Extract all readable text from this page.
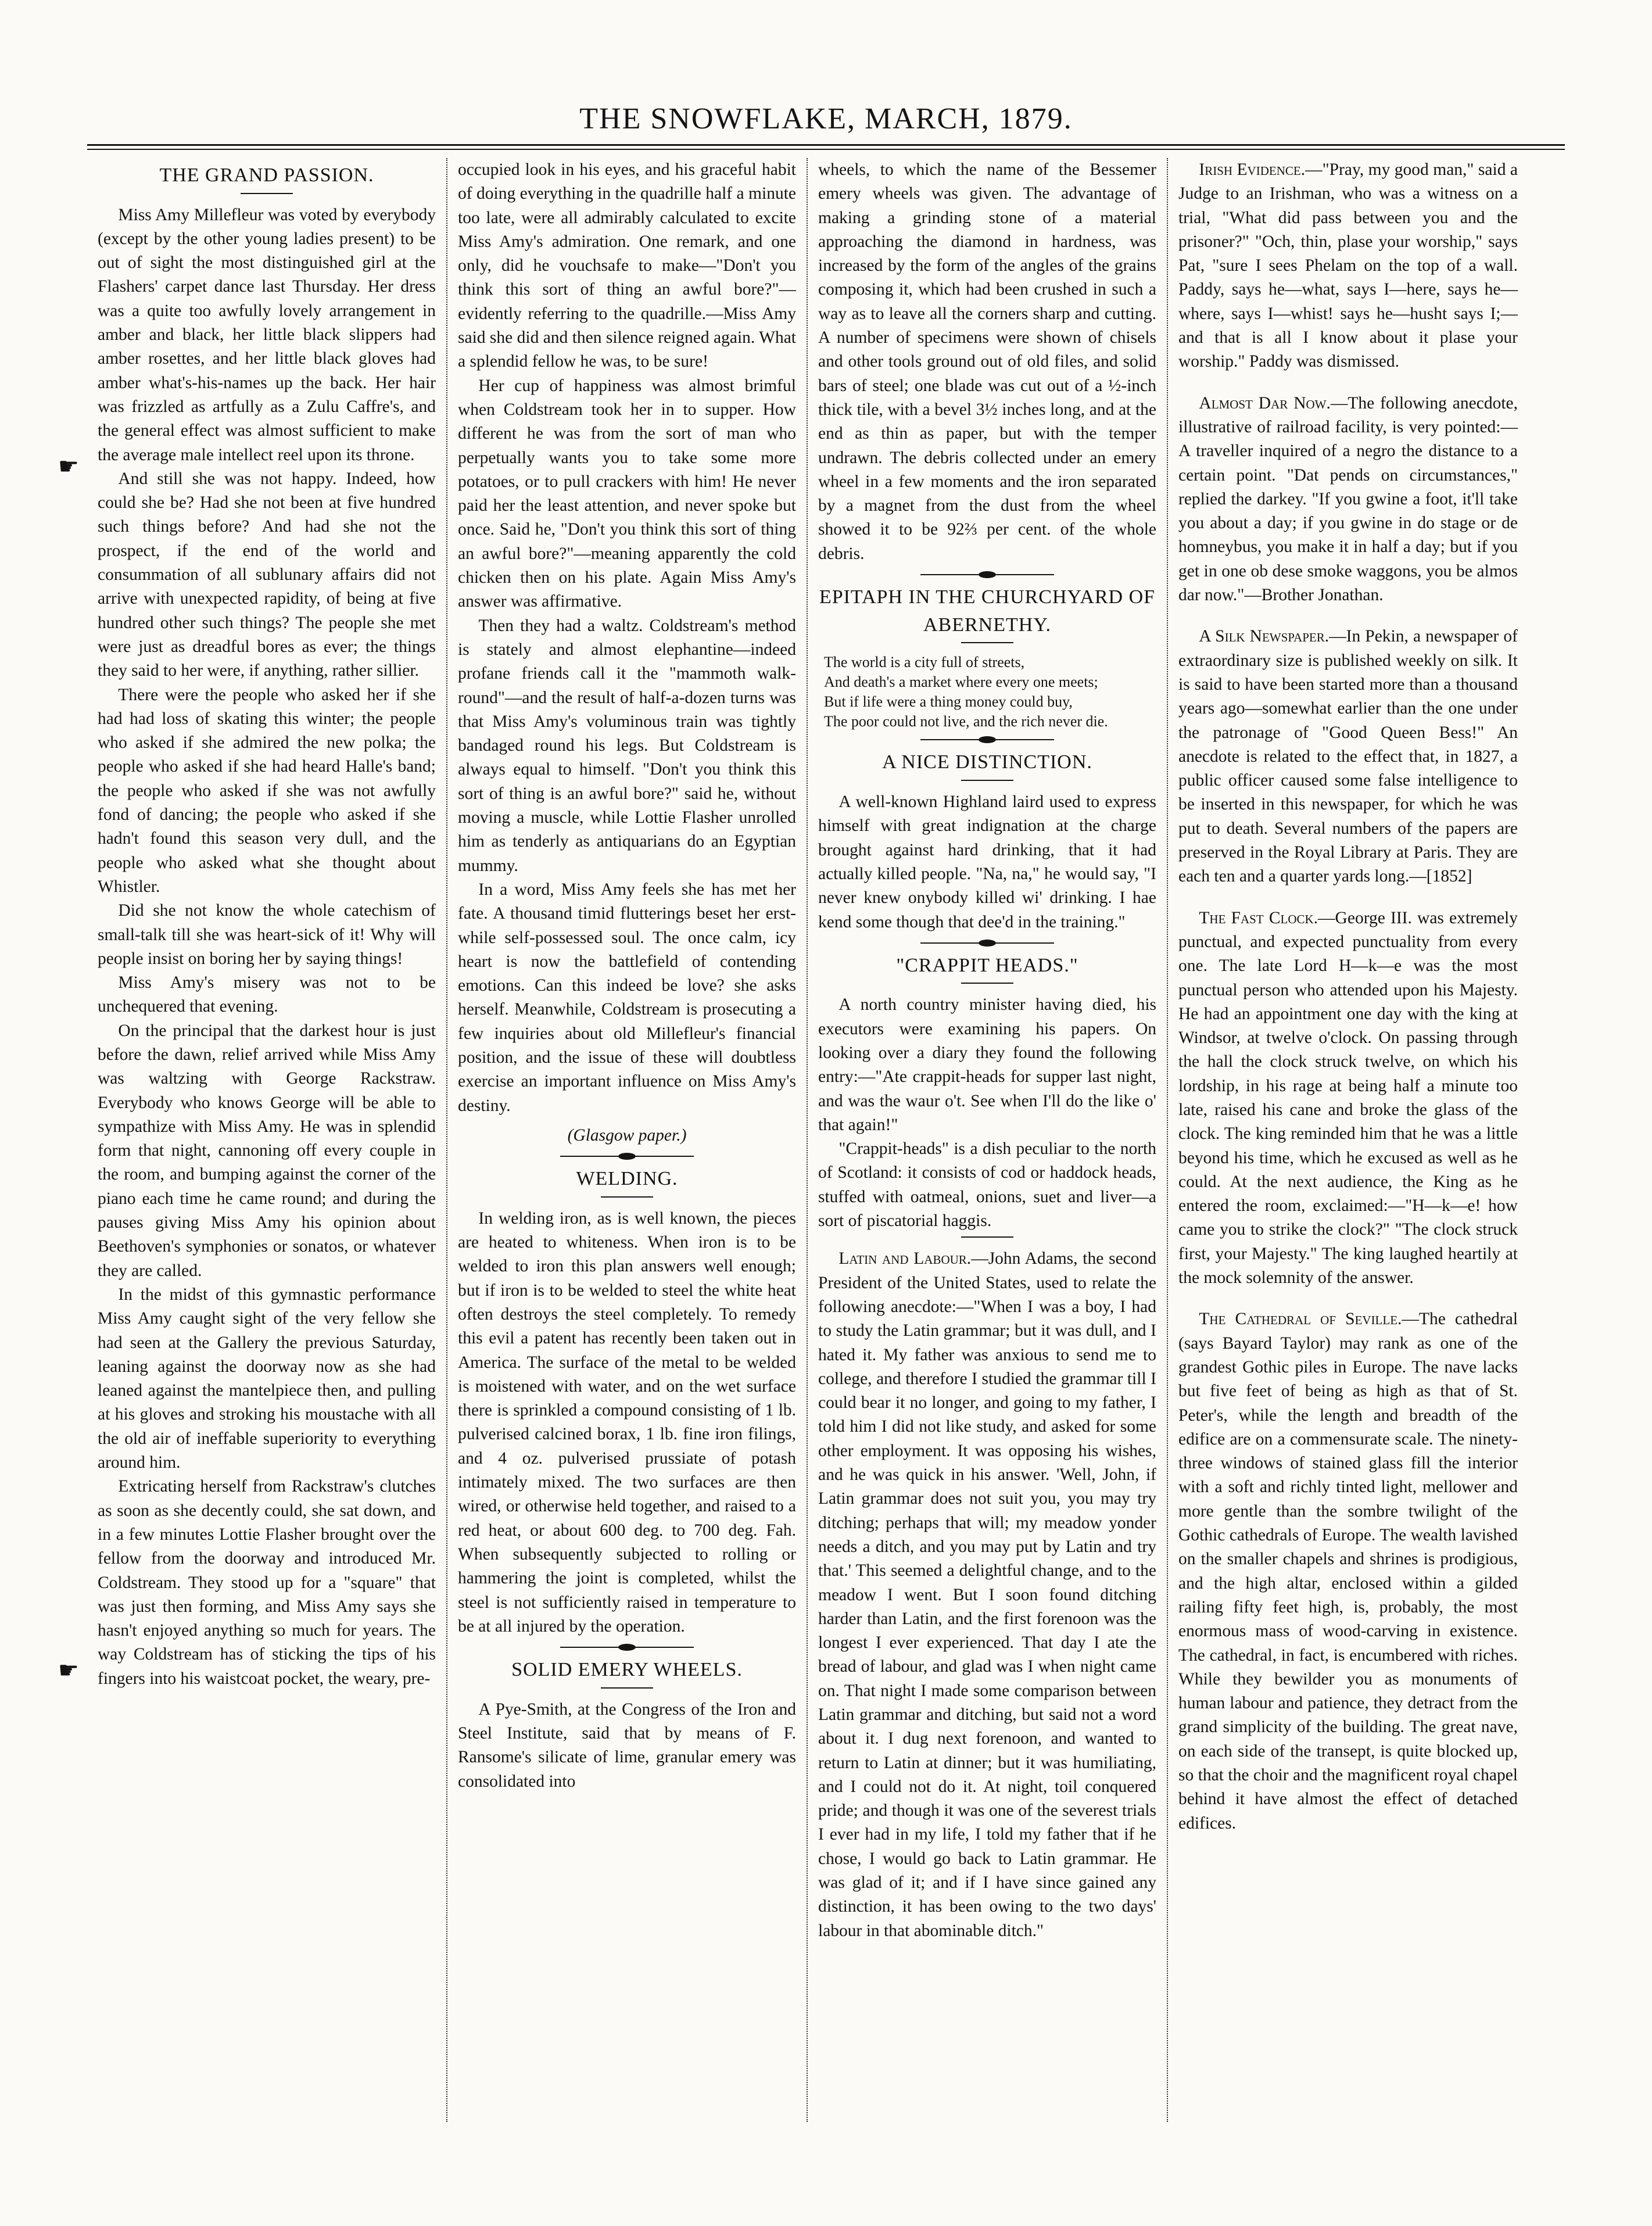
THE SNOWFLAKE, MARCH, 1879.
☛
☛
THE GRAND PASSION.

Miss Amy Millefleur was voted by everybody (except by the other young ladies present) to be out of sight the most distinguished girl at the Flashers' carpet dance last Thursday. Her dress was a quite too awfully lovely arrangement in amber and black, her little black slippers had amber rosettes, and her little black gloves had amber what's-his-names up the back. Her hair was frizzled as artfully as a Zulu Caffre's, and the general effect was almost sufficient to make the average male intellect reel upon its throne.

And still she was not happy. Indeed, how could she be? Had she not been at five hundred such things before? And had she not the prospect, if the end of the world and consummation of all sublunary affairs did not arrive with unexpected rapidity, of being at five hundred other such things? The people she met were just as dreadful bores as ever; the things they said to her were, if anything, rather sillier.

There were the people who asked her if she had had loss of skating this winter; the people who asked if she admired the new polka; the people who asked if she had heard Halle's band; the people who asked if she was not awfully fond of dancing; the people who asked if she hadn't found this season very dull, and the people who asked what she thought about Whistler.

Did she not know the whole catechism of small-talk till she was heart-sick of it! Why will people insist on boring her by saying things!

Miss Amy's misery was not to be unchequered that evening.

On the principal that the darkest hour is just before the dawn, relief arrived while Miss Amy was waltzing with George Rackstraw. Everybody who knows George will be able to sympathize with Miss Amy. He was in splendid form that night, cannoning off every couple in the room, and bumping against the corner of the piano each time he came round; and during the pauses giving Miss Amy his opinion about Beethoven's symphonies or sonatos, or whatever they are called.

In the midst of this gymnastic performance Miss Amy caught sight of the very fellow she had seen at the Gallery the previous Saturday, leaning against the doorway now as she had leaned against the mantelpiece then, and pulling at his gloves and stroking his moustache with all the old air of ineffable superiority to everything around him.

Extricating herself from Rackstraw's clutches as soon as she decently could, she sat down, and in a few minutes Lottie Flasher brought over the fellow from the doorway and introduced Mr. Coldstream. They stood up for a "square" that was just then forming, and Miss Amy says she hasn't enjoyed anything so much for years. The way Coldstream has of sticking the tips of his fingers into his waistcoat pocket, the weary, pre-

occupied look in his eyes, and his graceful habit of doing everything in the quadrille half a minute too late, were all admirably calculated to excite Miss Amy's admiration. One remark, and one only, did he vouchsafe to make—"Don't you think this sort of thing an awful bore?"—evidently referring to the quadrille.—Miss Amy said she did and then silence reigned again. What a splendid fellow he was, to be sure!

Her cup of happiness was almost brimful when Coldstream took her in to supper. How different he was from the sort of man who perpetually wants you to take some more potatoes, or to pull crackers with him! He never paid her the least attention, and never spoke but once. Said he, "Don't you think this sort of thing an awful bore?"—meaning apparently the cold chicken then on his plate. Again Miss Amy's answer was affirmative.

Then they had a waltz. Coldstream's method is stately and almost elephantine—indeed profane friends call it the "mammoth walk-round"—and the result of half-a-dozen turns was that Miss Amy's voluminous train was tightly bandaged round his legs. But Coldstream is always equal to himself. "Don't you think this sort of thing is an awful bore?" said he, without moving a muscle, while Lottie Flasher unrolled him as tenderly as antiquarians do an Egyptian mummy.

In a word, Miss Amy feels she has met her fate. A thousand timid flutterings beset her erst-while self-possessed soul. The once calm, icy heart is now the battlefield of contending emotions. Can this indeed be love? she asks herself. Meanwhile, Coldstream is prosecuting a few inquiries about old Millefleur's financial position, and the issue of these will doubtless exercise an important influence on Miss Amy's destiny.

(Glasgow paper.)
WELDING.

In welding iron, as is well known, the pieces are heated to whiteness. When iron is to be welded to iron this plan answers well enough; but if iron is to be welded to steel the white heat often destroys the steel completely. To remedy this evil a patent has recently been taken out in America. The surface of the metal to be welded is moistened with water, and on the wet surface there is sprinkled a compound consisting of 1 lb. pulverised calcined borax, 1 lb. fine iron filings, and 4 oz. pulverised prussiate of potash intimately mixed. The two surfaces are then wired, or otherwise held together, and raised to a red heat, or about 600 deg. to 700 deg. Fah. When subsequently subjected to rolling or hammering the joint is completed, whilst the steel is not sufficiently raised in temperature to be at all injured by the operation.

SOLID EMERY WHEELS.

A Pye-Smith, at the Congress of the Iron and Steel Institute, said that by means of F. Ransome's silicate of lime, granular emery was consolidated into

wheels, to which the name of the Bessemer emery wheels was given. The advantage of making a grinding stone of a material approaching the diamond in hardness, was increased by the form of the angles of the grains composing it, which had been crushed in such a way as to leave all the corners sharp and cutting. A number of specimens were shown of chisels and other tools ground out of old files, and solid bars of steel; one blade was cut out of a ½-inch thick tile, with a bevel 3½ inches long, and at the end as thin as paper, but with the temper undrawn. The debris collected under an emery wheel in a few moments and the iron separated by a magnet from the dust from the wheel showed it to be 92⅔ per cent. of the whole debris.

EPITAPH IN THE CHURCHYARD OF ABERNETHY.
The world is a city full of streets,
And death's a market where every one meets;
But if life were a thing money could buy,
The poor could not live, and the rich never die.
A NICE DISTINCTION.

A well-known Highland laird used to express himself with great indignation at the charge brought against hard drinking, that it had actually killed people. "Na, na," he would say, "I never knew onybody killed wi' drinking. I hae kend some though that dee'd in the training."

"CRAPPIT HEADS."

A north country minister having died, his executors were examining his papers. On looking over a diary they found the following entry:—"Ate crappit-heads for supper last night, and was the waur o't. See when I'll do the like o' that again!"

"Crappit-heads" is a dish peculiar to the north of Scotland: it consists of cod or haddock heads, stuffed with oatmeal, onions, suet and liver—a sort of piscatorial haggis.

Latin and Labour.—John Adams, the second President of the United States, used to relate the following anecdote:—"When I was a boy, I had to study the Latin grammar; but it was dull, and I hated it. My father was anxious to send me to college, and therefore I studied the grammar till I could bear it no longer, and going to my father, I told him I did not like study, and asked for some other employment. It was opposing his wishes, and he was quick in his answer. 'Well, John, if Latin grammar does not suit you, you may try ditching; perhaps that will; my meadow yonder needs a ditch, and you may put by Latin and try that.' This seemed a delightful change, and to the meadow I went. But I soon found ditching harder than Latin, and the first forenoon was the longest I ever experienced. That day I ate the bread of labour, and glad was I when night came on. That night I made some comparison between Latin grammar and ditching, but said not a word about it. I dug next forenoon, and wanted to return to Latin at dinner; but it was humiliating, and I could not do it. At night, toil conquered pride; and though it was one of the severest trials I ever had in my life, I told my father that if he chose, I would go back to Latin grammar. He was glad of it; and if I have since gained any distinction, it has been owing to the two days' labour in that abominable ditch."

Irish Evidence.—"Pray, my good man," said a Judge to an Irishman, who was a witness on a trial, "What did pass between you and the prisoner?" "Och, thin, plase your worship," says Pat, "sure I sees Phelam on the top of a wall. Paddy, says he—what, says I—here, says he—where, says I—whist! says he—husht says I;—and that is all I know about it plase your worship." Paddy was dismissed.

Almost Dar Now.—The following anecdote, illustrative of railroad facility, is very pointed:—A traveller inquired of a negro the distance to a certain point. "Dat pends on circumstances," replied the darkey. "If you gwine a foot, it'll take you about a day; if you gwine in do stage or de homneybus, you make it in half a day; but if you get in one ob dese smoke waggons, you be almos dar now."—Brother Jonathan.

A Silk Newspaper.—In Pekin, a newspaper of extraordinary size is published weekly on silk. It is said to have been started more than a thousand years ago—somewhat earlier than the one under the patronage of "Good Queen Bess!" An anecdote is related to the effect that, in 1827, a public officer caused some false intelligence to be inserted in this newspaper, for which he was put to death. Several numbers of the papers are preserved in the Royal Library at Paris. They are each ten and a quarter yards long.—[1852]

The Fast Clock.—George III. was extremely punctual, and expected punctuality from every one. The late Lord H—k—e was the most punctual person who attended upon his Majesty. He had an appointment one day with the king at Windsor, at twelve o'clock. On passing through the hall the clock struck twelve, on which his lordship, in his rage at being half a minute too late, raised his cane and broke the glass of the clock. The king reminded him that he was a little beyond his time, which he excused as well as he could. At the next audience, the King as he entered the room, exclaimed:—"H—k—e! how came you to strike the clock?" "The clock struck first, your Majesty." The king laughed heartily at the mock solemnity of the answer.

The Cathedral of Seville.—The cathedral (says Bayard Taylor) may rank as one of the grandest Gothic piles in Europe. The nave lacks but five feet of being as high as that of St. Peter's, while the length and breadth of the edifice are on a commensurate scale. The ninety-three windows of stained glass fill the interior with a soft and richly tinted light, mellower and more gentle than the sombre twilight of the Gothic cathedrals of Europe. The wealth lavished on the smaller chapels and shrines is prodigious, and the high altar, enclosed within a gilded railing fifty feet high, is, probably, the most enormous mass of wood-carving in existence. The cathedral, in fact, is encumbered with riches. While they bewilder you as monuments of human labour and patience, they detract from the grand simplicity of the building. The great nave, on each side of the transept, is quite blocked up, so that the choir and the magnificent royal chapel behind it have almost the effect of detached edifices.
